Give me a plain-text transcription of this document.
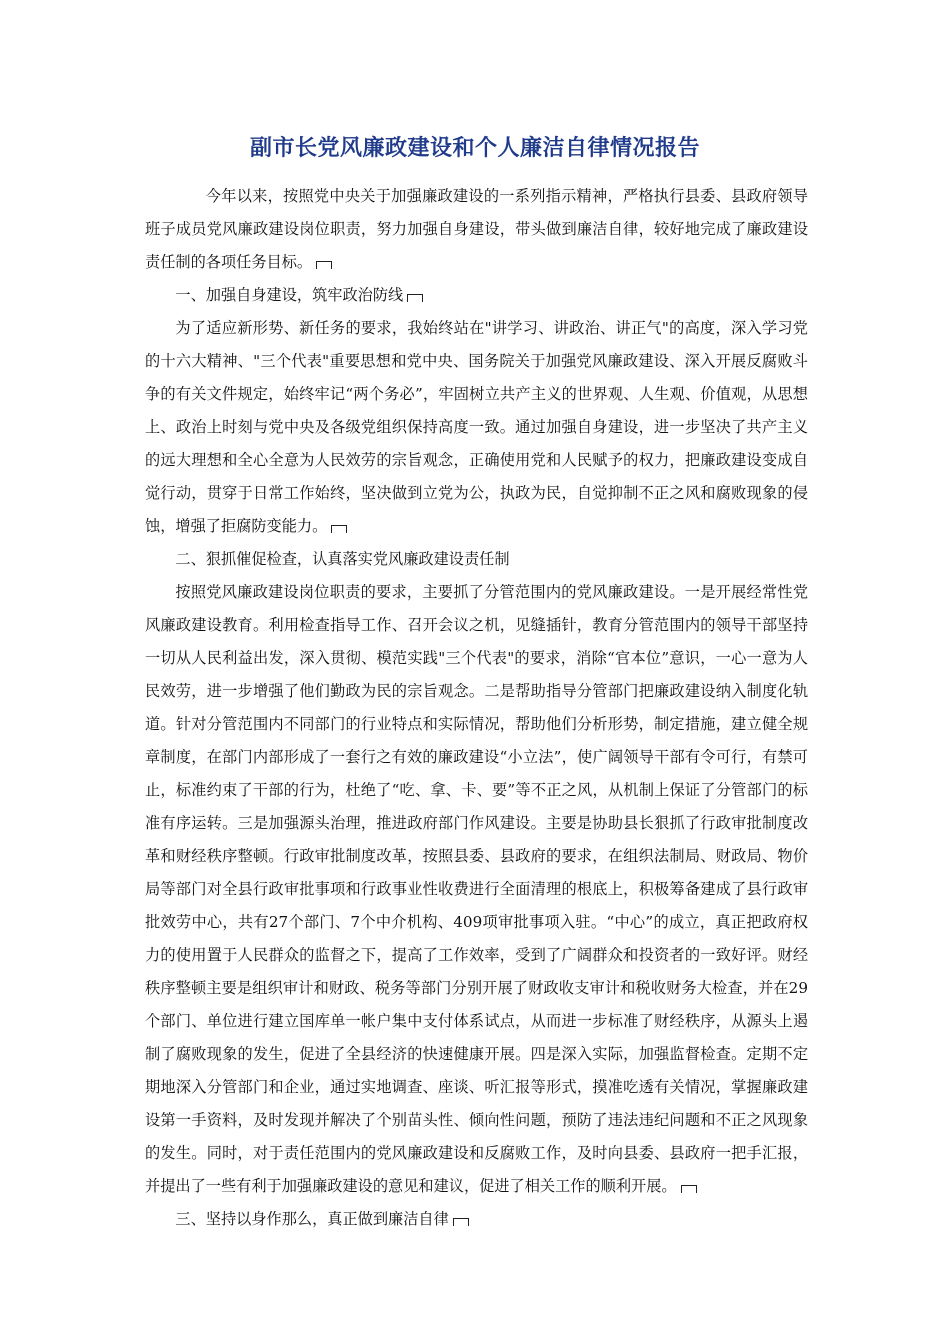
副市长党风廉政建设和个人廉洁自律情况报告

今年以来，按照党中央关于加强廉政建设的一系列指示精神，严格执行县委、县政府领导班子成员党风廉政建设岗位职责，努力加强自身建设，带头做到廉洁自律，较好地完成了廉政建设责任制的各项任务目标。

一、加强自身建设，筑牢政治防线

为了适应新形势、新任务的要求，我始终站在"讲学习、讲政治、讲正气"的高度，深入学习党的十六大精神、"三个代表"重要思想和党中央、国务院关于加强党风廉政建设、深入开展反腐败斗争的有关文件规定，始终牢记“两个务必”，牢固树立共产主义的世界观、人生观、价值观，从思想上、政治上时刻与党中央及各级党组织保持高度一致。通过加强自身建设，进一步坚决了共产主义的远大理想和全心全意为人民效劳的宗旨观念，正确使用党和人民赋予的权力，把廉政建设变成自觉行动，贯穿于日常工作始终，坚决做到立党为公，执政为民，自觉抑制不正之风和腐败现象的侵蚀，增强了拒腐防变能力。

二、狠抓催促检查，认真落实党风廉政建设责任制

按照党风廉政建设岗位职责的要求，主要抓了分管范围内的党风廉政建设。一是开展经常性党风廉政建设教育。利用检查指导工作、召开会议之机，见缝插针，教育分管范围内的领导干部坚持一切从人民利益出发，深入贯彻、模范实践"三个代表"的要求，消除“官本位”意识，一心一意为人民效劳，进一步增强了他们勤政为民的宗旨观念。二是帮助指导分管部门把廉政建设纳入制度化轨道。针对分管范围内不同部门的行业特点和实际情况，帮助他们分析形势，制定措施，建立健全规章制度，在部门内部形成了一套行之有效的廉政建设“小立法”，使广阔领导干部有令可行，有禁可止，标准约束了干部的行为，杜绝了“吃、拿、卡、要”等不正之风，从机制上保证了分管部门的标准有序运转。三是加强源头治理，推进政府部门作风建设。主要是协助县长狠抓了行政审批制度改革和财经秩序整顿。行政审批制度改革，按照县委、县政府的要求，在组织法制局、财政局、物价局等部门对全县行政审批事项和行政事业性收费进行全面清理的根底上，积极筹备建成了县行政审批效劳中心，共有27个部门、7个中介机构、409项审批事项入驻。“中心”的成立，真正把政府权力的使用置于人民群众的监督之下，提高了工作效率，受到了广阔群众和投资者的一致好评。财经秩序整顿主要是组织审计和财政、税务等部门分别开展了财政收支审计和税收财务大检查，并在29个部门、单位进行建立国库单一帐户集中支付体系试点，从而进一步标准了财经秩序，从源头上遏制了腐败现象的发生，促进了全县经济的快速健康开展。四是深入实际，加强监督检查。定期不定期地深入分管部门和企业，通过实地调查、座谈、听汇报等形式，摸准吃透有关情况，掌握廉政建设第一手资料，及时发现并解决了个别苗头性、倾向性问题，预防了违法违纪问题和不正之风现象的发生。同时，对于责任范围内的党风廉政建设和反腐败工作，及时向县委、县政府一把手汇报，并提出了一些有利于加强廉政建设的意见和建议，促进了相关工作的顺利开展。

三、坚持以身作那么，真正做到廉洁自律
